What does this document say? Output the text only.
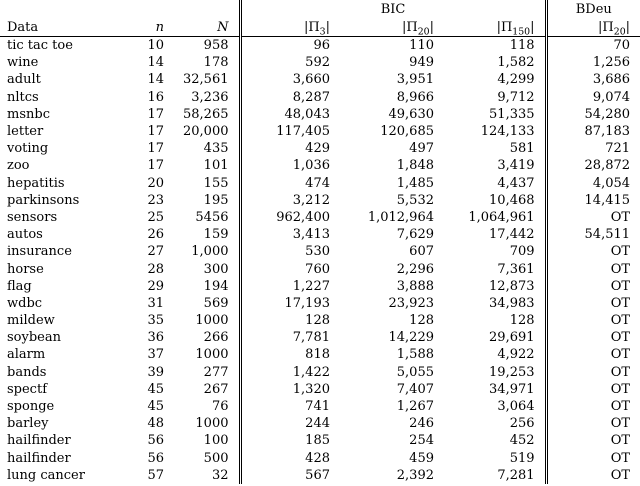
			BIC			BDeu
Data	n	N	$|\Pi_3|$	$|\Pi_{20}|$	$|\Pi_{150}|$	$|\Pi_{20}|$
tic tac toe	10	958	96	110	118	70
wine	14	178	592	949	1,582	1,256
adult	14	32,561	3,660	3,951	4,299	3,686
nltcs	16	3,236	8,287	8,966	9,712	9,074
msnbc	17	58,265	48,043	49,630	51,335	54,280
letter	17	20,000	117,405	120,685	124,133	87,183
voting	17	435	429	497	581	721
zoo	17	101	1,036	1,848	3,419	28,872
hepatitis	20	155	474	1,485	4,437	4,054
parkinsons	23	195	3,212	5,532	10,468	14,415
sensors	25	5456	962,400	1,012,964	1,064,961	OT
autos	26	159	3,413	7,629	17,442	54,511
insurance	27	1,000	530	607	709	OT
horse	28	300	760	2,296	7,361	OT
flag	29	194	1,227	3,888	12,873	OT
wdbc	31	569	17,193	23,923	34,983	OT
mildew	35	1000	128	128	128	OT
soybean	36	266	7,781	14,229	29,691	OT
alarm	37	1000	818	1,588	4,922	OT
bands	39	277	1,422	5,055	19,253	OT
spectf	45	267	1,320	7,407	34,971	OT
sponge	45	76	741	1,267	3,064	OT
barley	48	1000	244	246	256	OT
hailfinder	56	100	185	254	452	OT
hailfinder	56	500	428	459	519	OT
lung cancer	57	32	567	2,392	7,281	OT
